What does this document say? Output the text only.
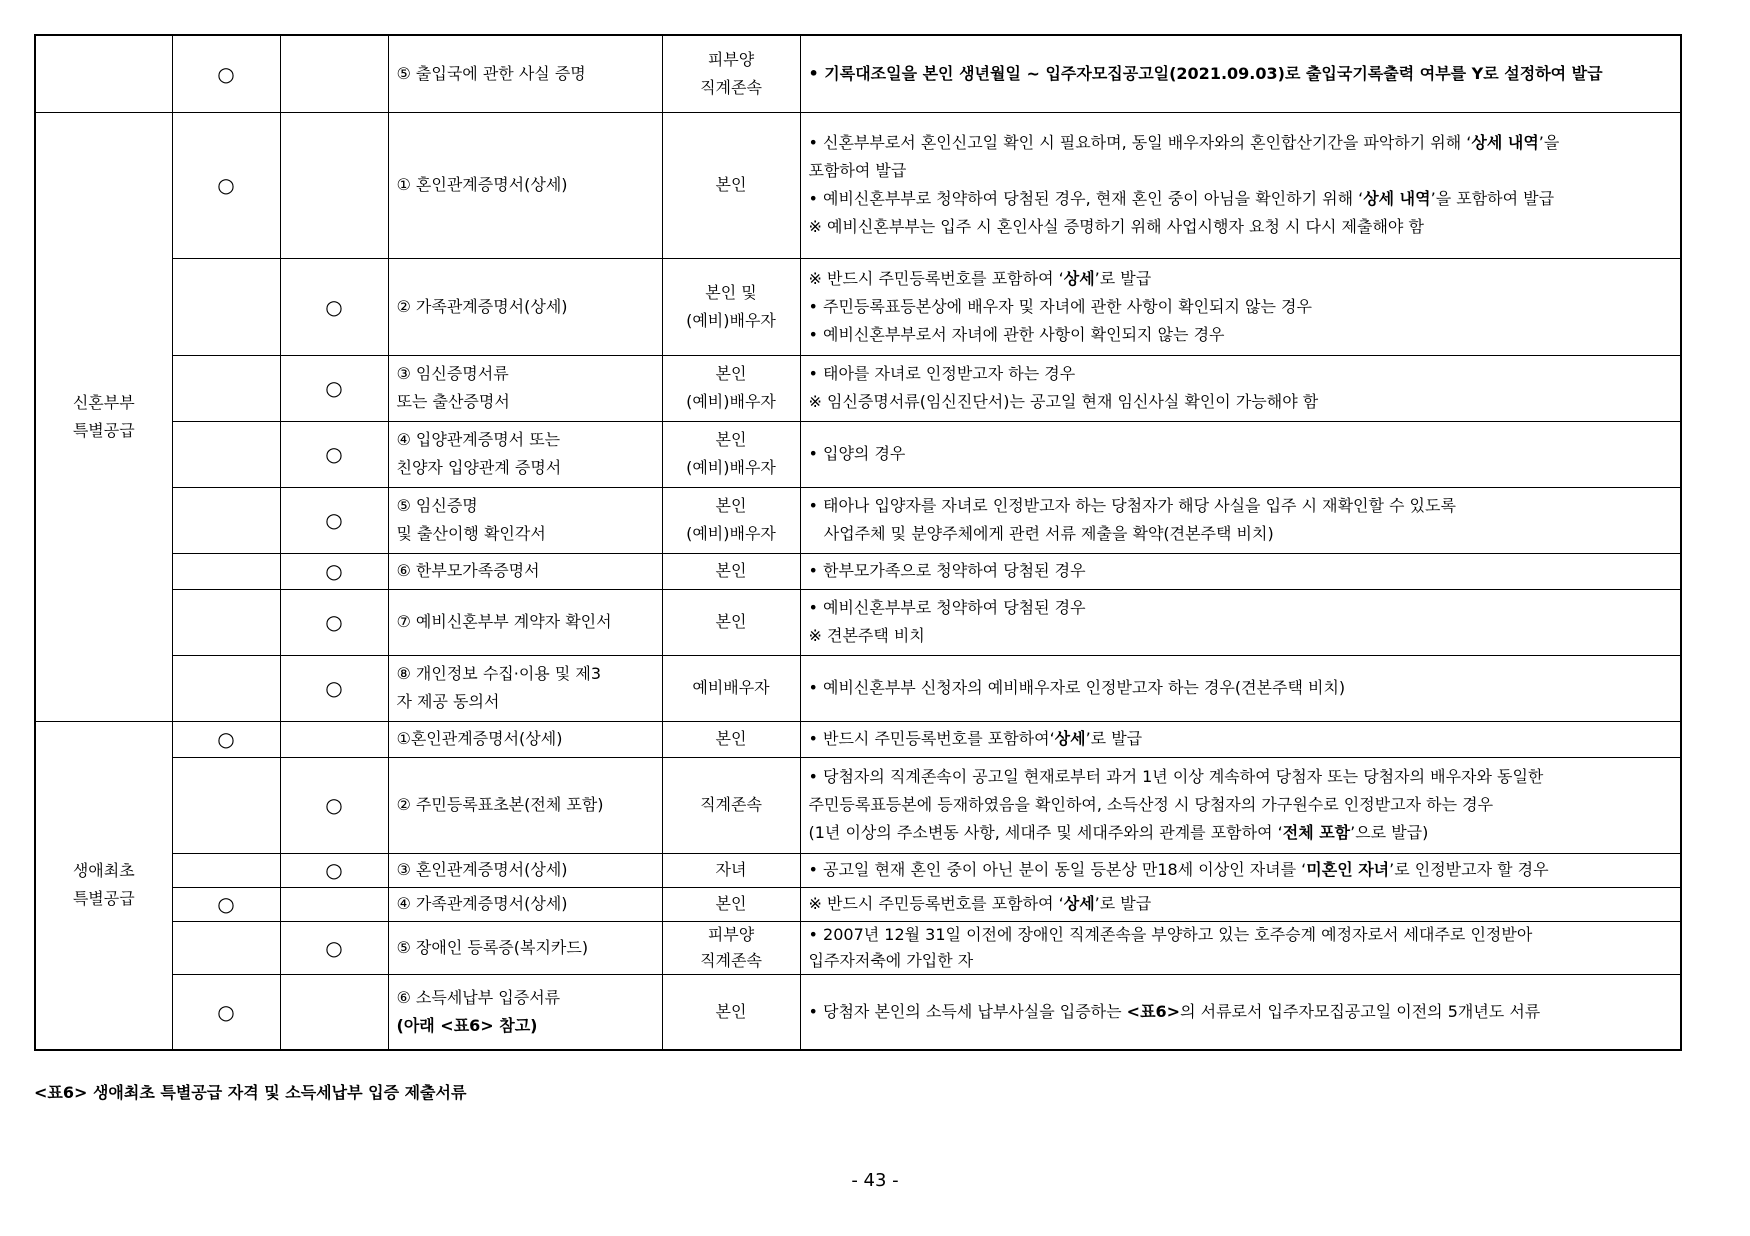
	○		⑤ 출입국에 관한 사실 증명	피부양
직계존속	• 기록대조일을 본인 생년월일 ~ 입주자모집공고일(2021.09.03)로 출입국기록출력 여부를 Y로 설정하여 발급

신혼부부
특별공급	○		① 혼인관계증명서(상세)	본인	• 신혼부부로서 혼인신고일 확인 시 필요하며, 동일 배우자와의 혼인합산기간을 파악하기 위해 ‘상세 내역’을
포함하여 발급
• 예비신혼부부로 청약하여 당첨된 경우, 현재 혼인 중이 아님을 확인하기 위해 ‘상세 내역’을 포함하여 발급
※ 예비신혼부부는 입주 시 혼인사실 증명하기 위해 사업시행자 요청 시 다시 제출해야 함

		○	② 가족관계증명서(상세)	본인 및
(예비)배우자	※ 반드시 주민등록번호를 포함하여 ‘상세’로 발급
• 주민등록표등본상에 배우자 및 자녀에 관한 사항이 확인되지 않는 경우
• 예비신혼부부로서 자녀에 관한 사항이 확인되지 않는 경우

		○	③ 임신증명서류
또는 출산증명서	본인
(예비)배우자	• 태아를 자녀로 인정받고자 하는 경우
※ 임신증명서류(임신진단서)는 공고일 현재 임신사실 확인이 가능해야 함

		○	④ 입양관계증명서 또는
친양자 입양관계 증명서	본인
(예비)배우자	• 입양의 경우

		○	⑤ 임신증명
및 출산이행 확인각서	본인
(예비)배우자	• 태아나 입양자를 자녀로 인정받고자 하는 당첨자가 해당 사실을 입주 시 재확인할 수 있도록
사업주체 및 분양주체에게 관련 서류 제출을 확약(견본주택 비치)

		○	⑥ 한부모가족증명서	본인	• 한부모가족으로 청약하여 당첨된 경우

		○	⑦ 예비신혼부부 계약자 확인서	본인	• 예비신혼부부로 청약하여 당첨된 경우
※ 견본주택 비치

		○	⑧ 개인정보 수집·이용 및 제3
자 제공 동의서	예비배우자	• 예비신혼부부 신청자의 예비배우자로 인정받고자 하는 경우(견본주택 비치)

생애최초
특별공급	○		①혼인관계증명서(상세)	본인	• 반드시 주민등록번호를 포함하여‘상세’로 발급

		○	② 주민등록표초본(전체 포함)	직계존속	• 당첨자의 직계존속이 공고일 현재로부터 과거 1년 이상 계속하여 당첨자 또는 당첨자의 배우자와 동일한
주민등록표등본에 등재하였음을 확인하여, 소득산정 시 당첨자의 가구원수로 인정받고자 하는 경우
(1년 이상의 주소변동 사항, 세대주 및 세대주와의 관계를 포함하여 ‘전체 포함’으로 발급)

		○	③ 혼인관계증명서(상세)	자녀	• 공고일 현재 혼인 중이 아닌 분이 동일 등본상 만18세 이상인 자녀를 ‘미혼인 자녀’로 인정받고자 할 경우

	○		④ 가족관계증명서(상세)	본인	※ 반드시 주민등록번호를 포함하여 ‘상세’로 발급

		○	⑤ 장애인 등록증(복지카드)	피부양
직계존속	• 2007년 12월 31일 이전에 장애인 직계존속을 부양하고 있는 호주승계 예정자로서 세대주로 인정받아
입주자저축에 가입한 자

	○		⑥ 소득세납부 입증서류
(아래 <표6> 참고)	본인	• 당첨자 본인의 소득세 납부사실을 입증하는 <표6>의 서류로서 입주자모집공고일 이전의 5개년도 서류
<표6> 생애최초 특별공급 자격 및 소득세납부 입증 제출서류
- 43 -
